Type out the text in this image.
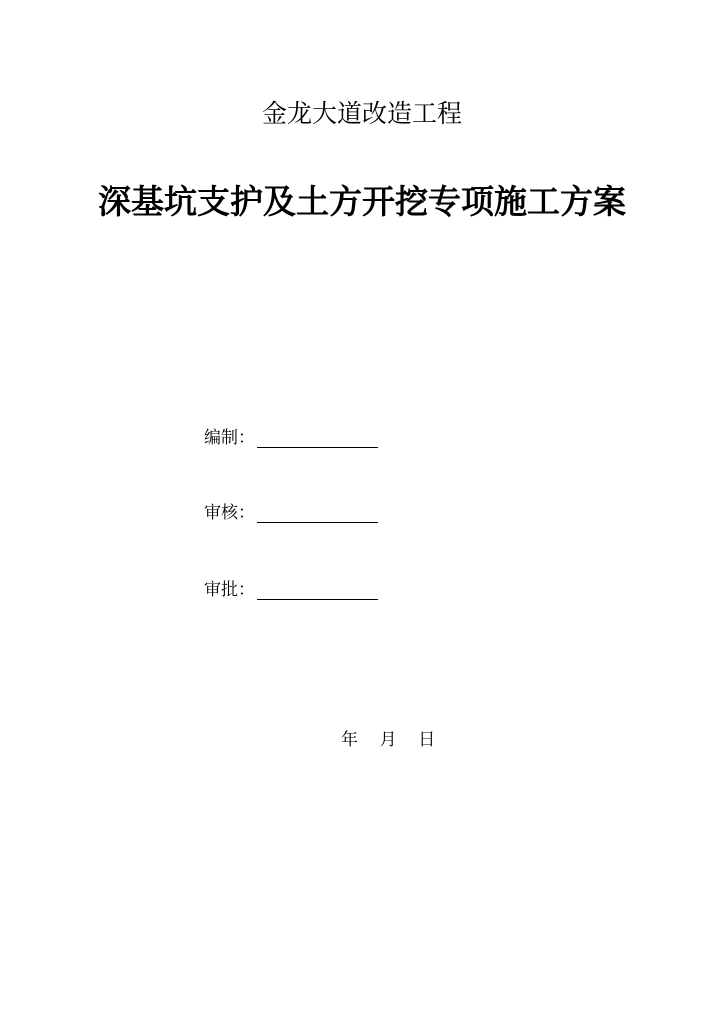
金龙大道改造工程
深基坑支护及土方开挖专项施工方案
编制：
审核：
审批：
年 月 日
